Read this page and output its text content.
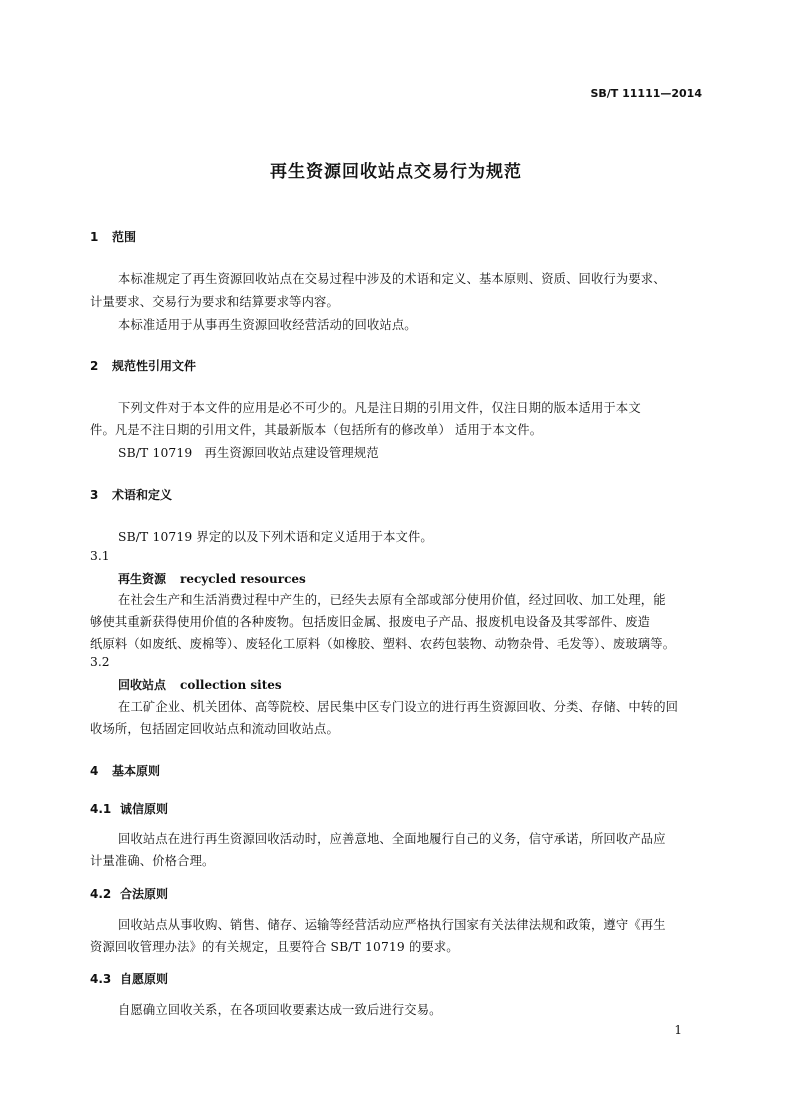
SB/T 11111—2014
再生资源回收站点交易行为规范
1 范围
本标准规定了再生资源回收站点在交易过程中涉及的术语和定义、基本原则、资质、回收行为要求、
计量要求、交易行为要求和结算要求等内容。
本标准适用于从事再生资源回收经营活动的回收站点。
2 规范性引用文件
下列文件对于本文件的应用是必不可少的。凡是注日期的引用文件，仅注日期的版本适用于本文
件。凡是不注日期的引用文件，其最新版本（包括所有的修改单） 适用于本文件。
SB/T 10719   再生资源回收站点建设管理规范
3 术语和定义
SB/T 10719 界定的以及下列术语和定义适用于本文件。
3.1
再生资源 recycled resources
在社会生产和生活消费过程中产生的，已经失去原有全部或部分使用价值，经过回收、加工处理，能
够使其重新获得使用价值的各种废物。包括废旧金属、报废电子产品、报废机电设备及其零部件、废造
纸原料（如废纸、废棉等）、废轻化工原料（如橡胶、塑料、农药包装物、动物杂骨、毛发等）、废玻璃等。
3.2
回收站点 collection sites
在工矿企业、机关团体、高等院校、居民集中区专门设立的进行再生资源回收、分类、存储、中转的回
收场所，包括固定回收站点和流动回收站点。
4 基本原则
4.1 诚信原则
回收站点在进行再生资源回收活动时，应善意地、全面地履行自己的义务，信守承诺，所回收产品应
计量准确、价格合理。
4.2 合法原则
回收站点从事收购、销售、储存、运输等经营活动应严格执行国家有关法律法规和政策，遵守《再生
资源回收管理办法》的有关规定，且要符合 SB/T 10719 的要求。
4.3 自愿原则
自愿确立回收关系，在各项回收要素达成一致后进行交易。
1
